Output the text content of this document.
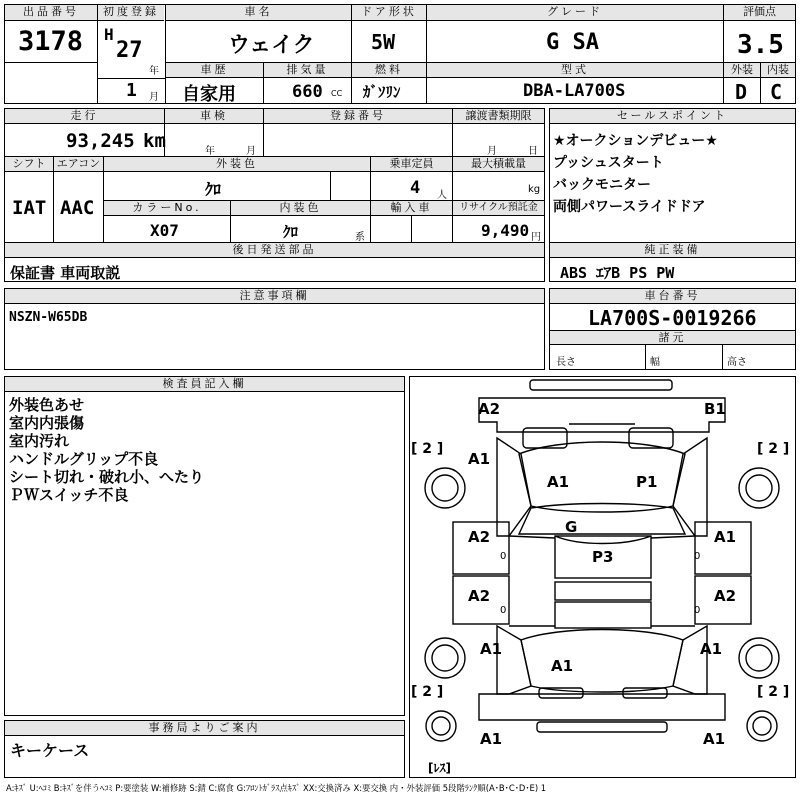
出品番号
3178
初度登録
H
27
年
1 月
車名
ウェイク
ドア形状
5W
グレード
G SA
評価点
3.5
車歴
自家用
排気量
660 CC
燃料
ｶﾞｿﾘﾝ
型式
DBA-LA700S
外装	内装
D C
走行
93,245 km
車検
年	月
登録番号	譲渡書類期限
月	日
シフト	エアコン
IAT AAC
外装色
ｸﾛ
乗車定員
4 人
最大積載量
kg
カラーNo.
X07
内装色
ｸﾛ	系
輸入車	リサイクル預託金
9,490 円
後日発送部品
保証書 車両取説
セールスポイント
★オークションデビュー★
プッシュスタート
バックモニター
両側パワースライドドア
純正装備
ABS ｴｱB PS PW
注意事項欄
NSZN-W65DB
車台番号
LA700S-0019266
諸元
長さ	幅	高さ
検査員記入欄
外装色あせ
室内内張傷
室内汚れ
ハンドルグリップ不良
シート切れ・破れ小、へたり
ＰＷスイッチ不良
事務局よりご案内
キーケース
A2	B1
A1
A1	P1
G
A2	A1
P3
A2	A2
A1	A1
A1
A1	A1
0	0
0	0
[ 2 ]	[ 2 ]
[ 2 ]	[ 2 ]
[ﾚｽ]
A:ｷｽﾞ U:ﾍｺﾐ B:ｷｽﾞを伴うﾍｺﾐ P:要塗装 W:補修跡 S:錆 C:腐食 G:ﾌﾛﾝﾄｶﾞﾗｽ点ｷｽﾞ XX:交換済み X:要交換 内・外装評価 5段階ﾗﾝｸ順(A･B･C･D･E) 1
